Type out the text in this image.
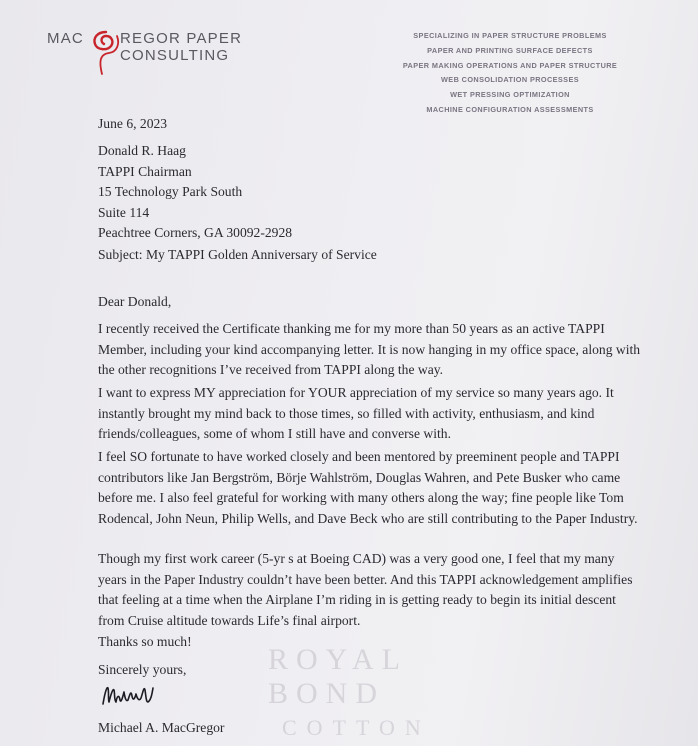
MAC REGOR PAPER CONSULTING
SPECIALIZING IN PAPER STRUCTURE PROBLEMS
PAPER AND PRINTING SURFACE DEFECTS
PAPER MAKING OPERATIONS AND PAPER STRUCTURE
WEB CONSOLIDATION PROCESSES
WET PRESSING OPTIMIZATION
MACHINE CONFIGURATION ASSESSMENTS
ROYAL BOND
COTTON
June 6, 2023
Donald R. Haag
TAPPI Chairman
15 Technology Park South
Suite 114
Peachtree Corners, GA 30092-2928
Subject: My TAPPI Golden Anniversary of Service
Dear Donald,

I recently received the Certificate thanking me for my more than 50 years as an active TAPPI Member, including your kind accompanying letter. It is now hanging in my office space, along with the other recognitions I’ve received from TAPPI along the way.

I want to express MY appreciation for YOUR appreciation of my service so many years ago. It instantly brought my mind back to those times, so filled with activity, enthusiasm, and kind friends/colleagues, some of whom I still have and converse with.

I feel SO fortunate to have worked closely and been mentored by preeminent people and TAPPI contributors like Jan Bergström, Börje Wahlström, Douglas Wahren, and Pete Busker who came before me. I also feel grateful for working with many others along the way; fine people like Tom Rodencal, John Neun, Philip Wells, and Dave Beck who are still contributing to the Paper Industry.

Though my first work career (5-yr s at Boeing CAD) was a very good one, I feel that my many years in the Paper Industry couldn’t have been better. And this TAPPI acknowledgement amplifies that feeling at a time when the Airplane I’m riding in is getting ready to begin its initial descent from Cruise altitude towards Life’s final airport.

Thanks so much!
Sincerely yours,
Michael A. MacGregor
